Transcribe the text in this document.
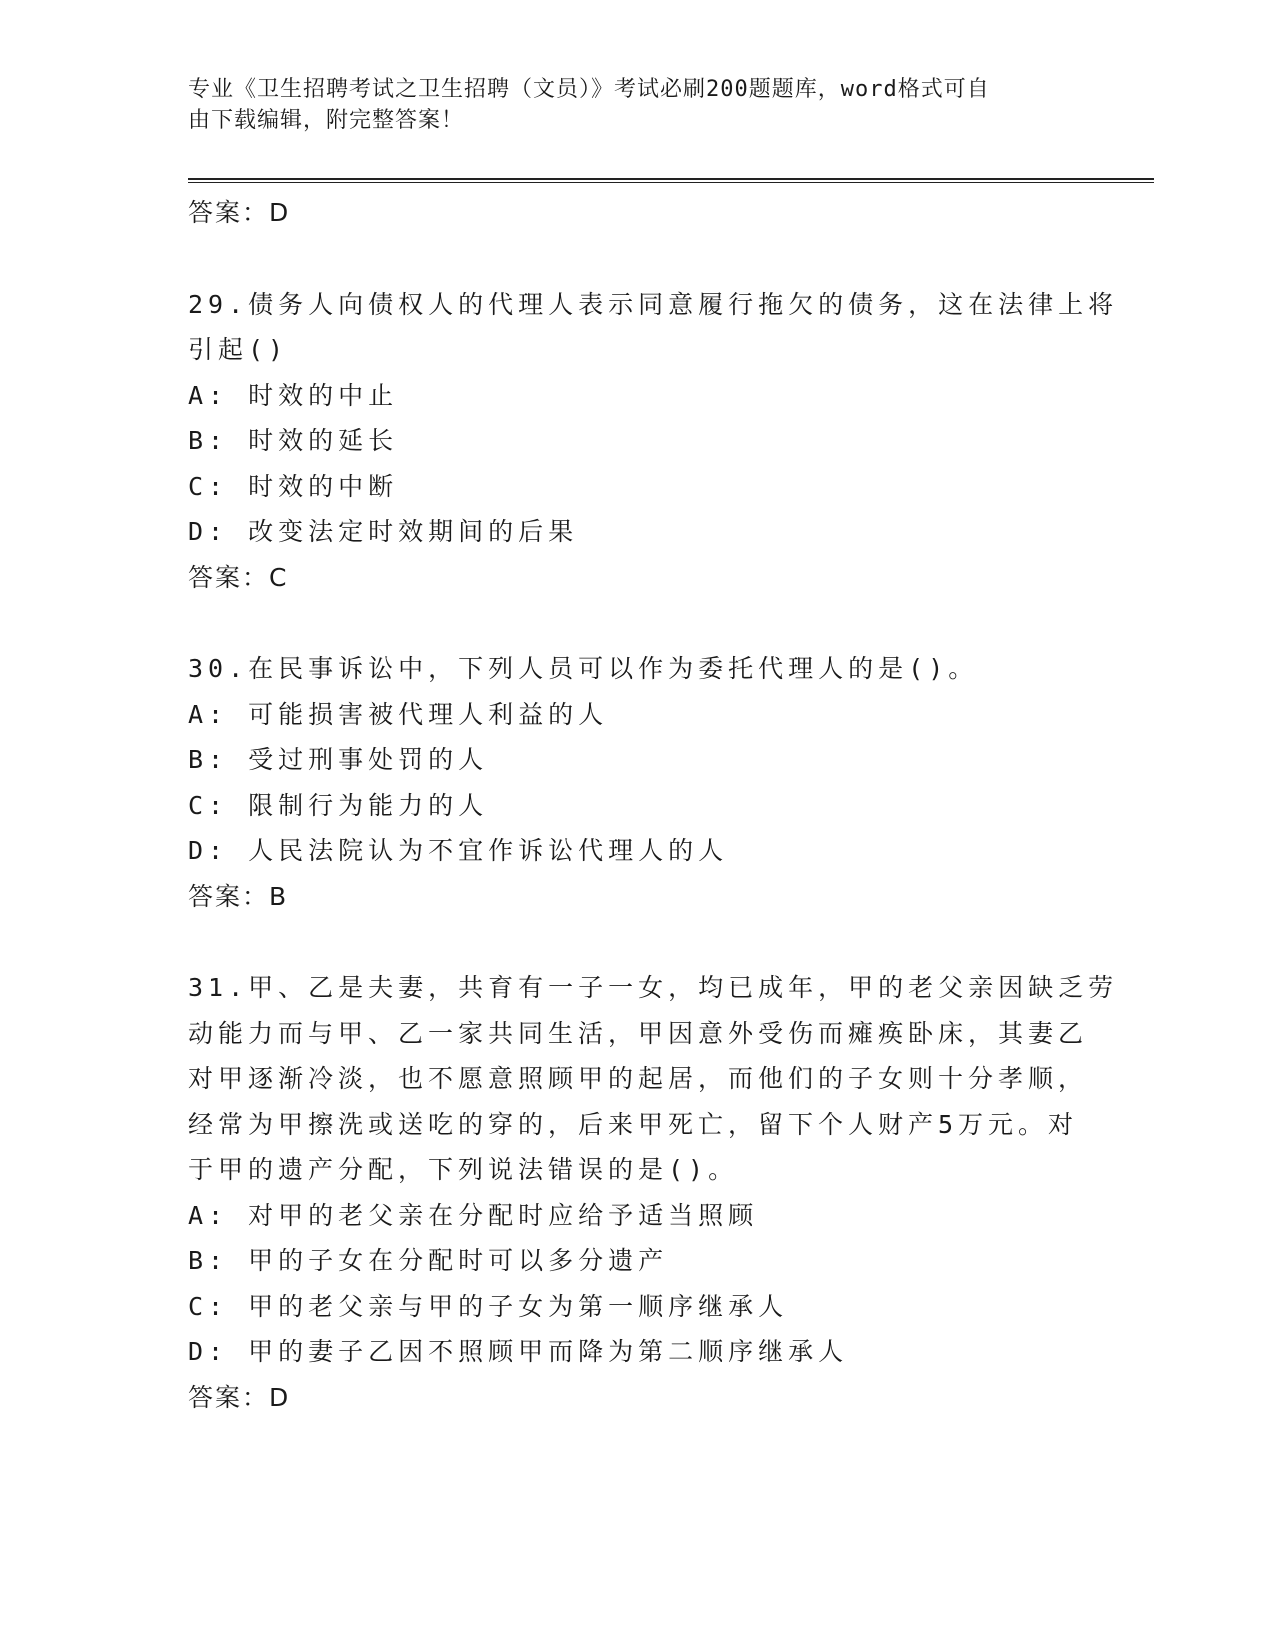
专业《卫生招聘考试之卫生招聘（文员）》考试必刷200题题库，word格式可自
由下载编辑，附完整答案！
答案：D
29.债务人向债权人的代理人表示同意履行拖欠的债务，这在法律上将
引起()
A: 时效的中止
B: 时效的延长
C: 时效的中断
D: 改变法定时效期间的后果
答案：C
30.在民事诉讼中，下列人员可以作为委托代理人的是()。
A: 可能损害被代理人利益的人
B: 受过刑事处罚的人
C: 限制行为能力的人
D: 人民法院认为不宜作诉讼代理人的人
答案：B
31.甲、乙是夫妻，共育有一子一女，均已成年，甲的老父亲因缺乏劳
动能力而与甲、乙一家共同生活，甲因意外受伤而瘫痪卧床，其妻乙
对甲逐渐冷淡，也不愿意照顾甲的起居，而他们的子女则十分孝顺，
经常为甲擦洗或送吃的穿的，后来甲死亡，留下个人财产5万元。对
于甲的遗产分配，下列说法错误的是()。
A: 对甲的老父亲在分配时应给予适当照顾
B: 甲的子女在分配时可以多分遗产
C: 甲的老父亲与甲的子女为第一顺序继承人
D: 甲的妻子乙因不照顾甲而降为第二顺序继承人
答案：D
